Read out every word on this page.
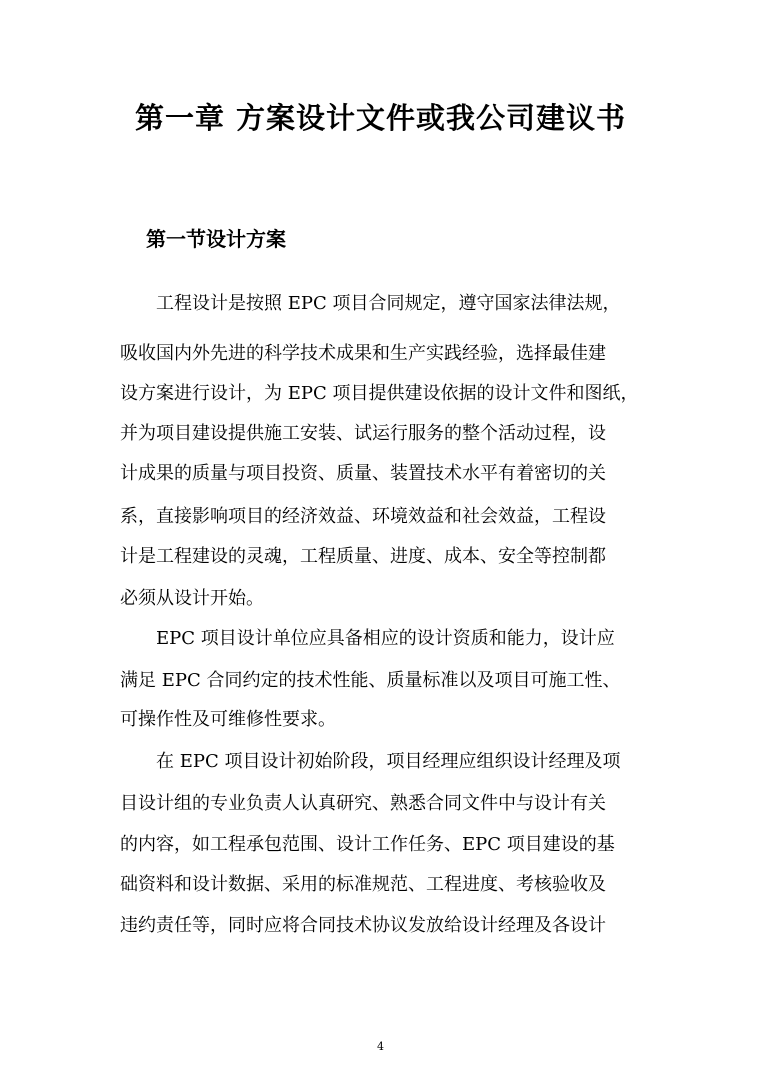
第一章 方案设计文件或我公司建议书
第一节设计方案

工程设计是按照 EPC 项目合同规定，遵守国家法律法规，

吸收国内外先进的科学技术成果和生产实践经验，选择最佳建

设方案进行设计，为 EPC 项目提供建设依据的设计文件和图纸，

并为项目建设提供施工安装、试运行服务的整个活动过程，设

计成果的质量与项目投资、质量、装置技术水平有着密切的关

系，直接影响项目的经济效益、环境效益和社会效益，工程设

计是工程建设的灵魂，工程质量、进度、成本、安全等控制都

必须从设计开始。

EPC 项目设计单位应具备相应的设计资质和能力，设计应

满足 EPC 合同约定的技术性能、质量标准以及项目可施工性、

可操作性及可维修性要求。

在 EPC 项目设计初始阶段，项目经理应组织设计经理及项

目设计组的专业负责人认真研究、熟悉合同文件中与设计有关

的内容，如工程承包范围、设计工作任务、EPC 项目建设的基

础资料和设计数据、采用的标准规范、工程进度、考核验收及

违约责任等，同时应将合同技术协议发放给设计经理及各设计

4
